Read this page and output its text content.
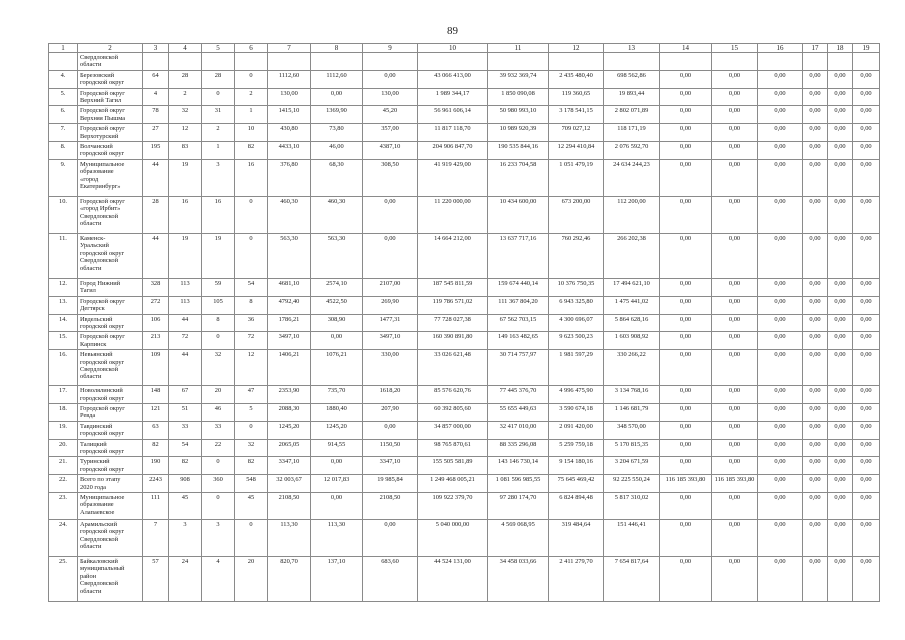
89
1	2	3	4	5	6	7	8	9	10	11	12	13	14	15	16	17	18	19
	Свердловской
области																	
4.	Березовский
городской округ	64	28	28	0	1112,60	1112,60	0,00	43 066 413,00	39 932 369,74	2 435 480,40	698 562,86	0,00	0,00	0,00	0,00	0,00	0,00
5.	Городской округ
Верхний Тагил	4	2	0	2	130,00	0,00	130,00	1 989 344,17	1 850 090,08	119 360,65	19 893,44	0,00	0,00	0,00	0,00	0,00	0,00
6.	Городской округ
Верхняя Пышма	78	32	31	1	1415,10	1369,90	45,20	56 961 606,14	50 980 993,10	3 178 541,15	2 802 071,89	0,00	0,00	0,00	0,00	0,00	0,00
7.	Городской округ
Верхотурский	27	12	2	10	430,80	73,80	357,00	11 817 118,70	10 989 920,39	709 027,12	118 171,19	0,00	0,00	0,00	0,00	0,00	0,00
8.	Волчанский
городской округ	195	83	1	82	4433,10	46,00	4387,10	204 906 847,70	190 535 844,16	12 294 410,84	2 076 592,70	0,00	0,00	0,00	0,00	0,00	0,00
9.	Муниципальное
образование
«город
Екатеринбург»	44	19	3	16	376,80	68,30	308,50	41 919 429,00	16 233 704,58	1 051 479,19	24 634 244,23	0,00	0,00	0,00	0,00	0,00	0,00
10.	Городской округ
«город Ирбит»
Свердловской
области	28	16	16	0	460,30	460,30	0,00	11 220 000,00	10 434 600,00	673 200,00	112 200,00	0,00	0,00	0,00	0,00	0,00	0,00
11.	Каменск-
Уральский
городской округ
Свердловской
области	44	19	19	0	563,30	563,30	0,00	14 664 212,00	13 637 717,16	760 292,46	266 202,38	0,00	0,00	0,00	0,00	0,00	0,00
12.	Город Нижний
Тагил	328	113	59	54	4681,10	2574,10	2107,00	187 545 811,59	159 674 440,14	10 376 750,35	17 494 621,10	0,00	0,00	0,00	0,00	0,00	0,00
13.	Городской округ
Дегтярск	272	113	105	8	4792,40	4522,50	269,90	119 786 571,02	111 367 804,20	6 943 325,80	1 475 441,02	0,00	0,00	0,00	0,00	0,00	0,00
14.	Ивдельский
городской округ	106	44	8	36	1786,21	308,90	1477,31	77 728 027,38	67 562 703,15	4 300 696,07	5 864 628,16	0,00	0,00	0,00	0,00	0,00	0,00
15.	Городской округ
Карпинск	213	72	0	72	3497,10	0,00	3497,10	160 390 891,80	149 163 482,65	9 623 500,23	1 603 908,92	0,00	0,00	0,00	0,00	0,00	0,00
16.	Невьянский
городской округ
Свердловской
области	109	44	32	12	1406,21	1076,21	330,00	33 026 621,48	30 714 757,97	1 981 597,29	330 266,22	0,00	0,00	0,00	0,00	0,00	0,00
17.	Новолялинский
городской округ	148	67	20	47	2353,90	735,70	1618,20	85 576 620,76	77 445 376,70	4 996 475,90	3 134 768,16	0,00	0,00	0,00	0,00	0,00	0,00
18.	Городской округ
Ревда	121	51	46	5	2088,30	1880,40	207,90	60 392 805,60	55 655 449,63	3 590 674,18	1 146 681,79	0,00	0,00	0,00	0,00	0,00	0,00
19.	Тавдинский
городской округ	63	33	33	0	1245,20	1245,20	0,00	34 857 000,00	32 417 010,00	2 091 420,00	348 570,00	0,00	0,00	0,00	0,00	0,00	0,00
20.	Талицкий
городской округ	82	54	22	32	2065,05	914,55	1150,50	98 765 870,61	88 335 296,08	5 259 759,18	5 170 815,35	0,00	0,00	0,00	0,00	0,00	0,00
21.	Туринский
городской округ	190	82	0	82	3347,10	0,00	3347,10	155 505 581,89	143 146 730,14	9 154 180,16	3 204 671,59	0,00	0,00	0,00	0,00	0,00	0,00
22.	Всего по этапу
2020 года	2243	908	360	548	32 003,67	12 017,83	19 985,84	1 249 468 005,21	1 081 596 985,55	75 645 469,42	92 225 550,24	116 185 393,80	116 185 393,80	0,00	0,00	0,00	0,00
23.	Муниципальное
образование
Алапаевское	111	45	0	45	2108,50	0,00	2108,50	109 922 379,70	97 280 174,70	6 824 894,48	5 817 310,02	0,00	0,00	0,00	0,00	0,00	0,00
24.	Арамильский
городской округ
Свердловской
области	7	3	3	0	113,30	113,30	0,00	5 040 000,00	4 569 068,95	319 484,64	151 446,41	0,00	0,00	0,00	0,00	0,00	0,00
25.	Байкаловский
муниципальный
район
Свердловской
области	57	24	4	20	820,70	137,10	683,60	44 524 131,00	34 458 033,66	2 411 279,70	7 654 817,64	0,00	0,00	0,00	0,00	0,00	0,00
